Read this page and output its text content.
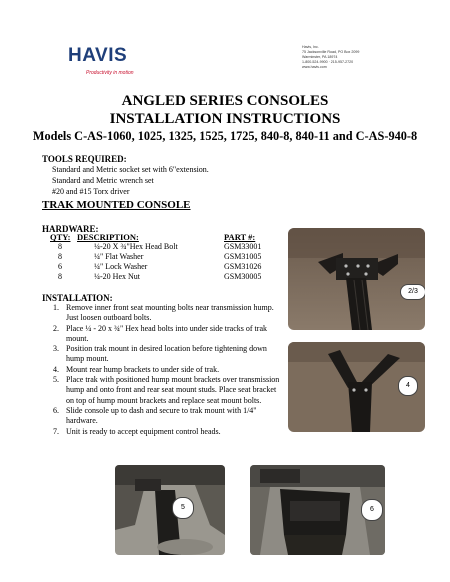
HAVIS
Productivity in motion
Havis, Inc.
75 Jacksonville Road, PO Box 2099
Warminster, PA 18974
1-800-524-9900 · 215-957-2720
www.havis.com
ANGLED SERIES CONSOLES
INSTALLATION INSTRUCTIONS
Models C-AS-1060, 1025, 1325, 1525, 1725, 840-8, 840-11 and C-AS-940-8
TOOLS REQUIRED:
Standard and Metric socket set with 6"extension.
Standard and Metric wrench set
#20 and #15 Torx driver
TRAK MOUNTED CONSOLE
HARDWARE:
QTY: DESCRIPTION:	PART #:
8	¼-20 X ¾"Hex Head Bolt	GSM33001
8	¼" Flat Washer	GSM31005
6	¼" Lock Washer	GSM31026
8	¼-20 Hex Nut	GSM30005
INSTALLATION:
1. Remove inner front seat mounting bolts near transmission hump. Just loosen outboard bolts.
2. Place ¼ - 20 x ¾" Hex head bolts into under side tracks of trak mount.
3. Position trak mount in desired location before tightening down hump mount.
4. Mount rear hump brackets to under side of trak.
5. Place trak with positioned hump mount brackets over transmission hump and onto front and rear seat mount studs. Place seat bracket on top of hump mount brackets and replace seat mount bolts.
6. Slide console up to dash and secure to trak mount with 1/4" hardware.
7. Unit is ready to accept equipment control heads.
2/3
4
5	6
